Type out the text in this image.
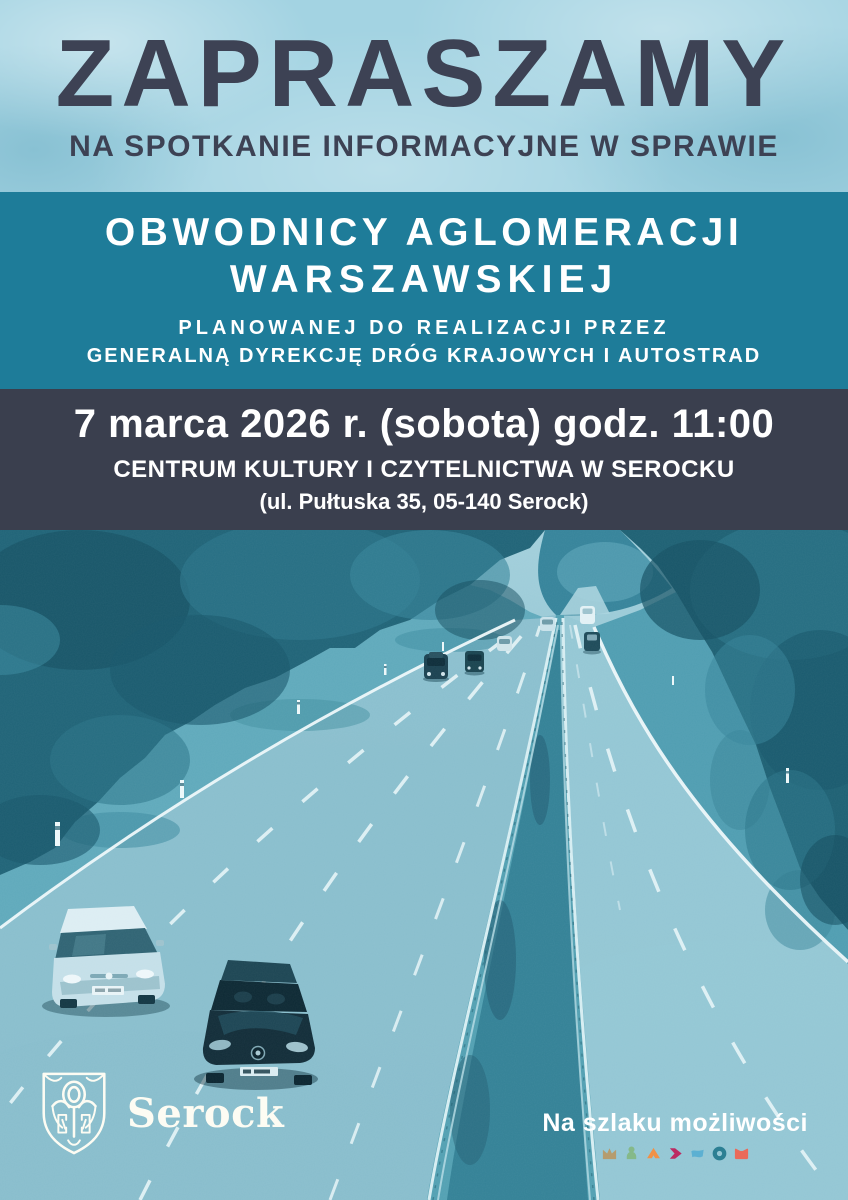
ZAPRASZAMY
NA SPOTKANIE INFORMACYJNE W SPRAWIE
OBWODNICY AGLOMERACJI
WARSZAWSKIEJ
PLANOWANEJ DO REALIZACJI PRZEZ
GENERALNĄ DYREKCJĘ DRÓG KRAJOWYCH I AUTOSTRAD
7 marca 2026 r. (sobota) godz. 11:00
CENTRUM KULTURY I CZYTELNICTWA W SEROCKU
(ul. Pułtuska 35, 05-140 Serock)
Serock	Na szlaku możliwości
